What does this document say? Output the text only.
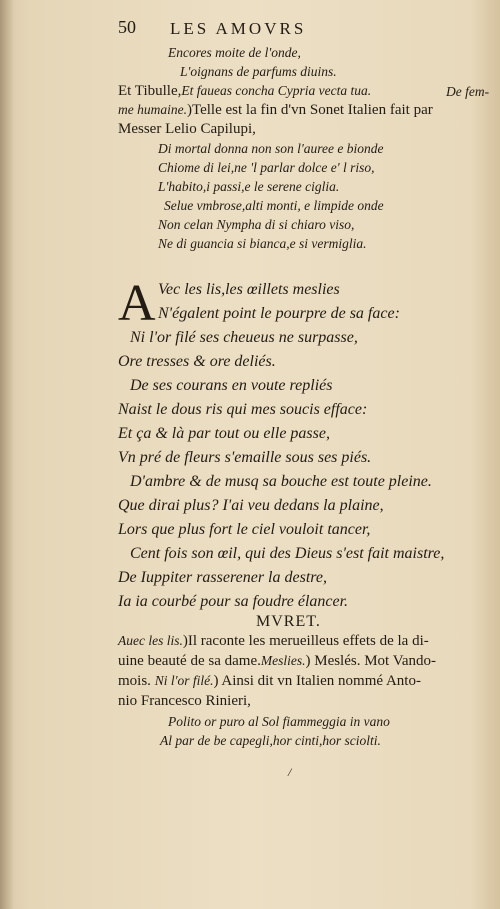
50 LES AMOVRS
Encores moite de l'onde,
L'oignans de parfums diuins.
Et Tibulle,Et faueas concha Cypria vecta tua.	De fem-
me humaine.)Telle est la fin d'vn Sonet Italien fait par
Messer Lelio Capilupi,
Di mortal donna non son l'auree e bionde
Chiome di lei,ne 'l parlar dolce e' l riso,
L'habito,i passi,e le serene ciglia.
Selue vmbrose,alti monti, e limpide onde
Non celan Nympha di si chiaro viso,
Ne di guancia si bianca,e si vermiglia.
A Vec les lis,les œillets meslies
N'égalent point le pourpre de sa face:
Ni l'or filé ses cheueus ne surpasse,
Ore tresses & ore deliés.
De ses courans en voute repliés
Naist le dous ris qui mes soucis efface:
Et ça & là par tout ou elle passe,
Vn pré de fleurs s'emaille sous ses piés.
D'ambre & de musq sa bouche est toute pleine.
Que dirai plus? I'ai veu dedans la plaine,
Lors que plus fort le ciel vouloit tancer,
Cent fois son œil, qui des Dieus s'est fait maistre,
De Iuppiter rasserener la destre,
Ia ia courbé pour sa foudre élancer.
MVRET.
Auec les lis.)Il raconte les merueilleus effets de la di-
uine beauté de sa dame.Meslies.) Meslés. Mot Vando-
mois. Ni l'or filé.) Ainsi dit vn Italien nommé Anto-
nio Francesco Rinieri,
Polito or puro al Sol fiammeggia in vano
Al par de be capegli,hor cinti,hor sciolti.
/
